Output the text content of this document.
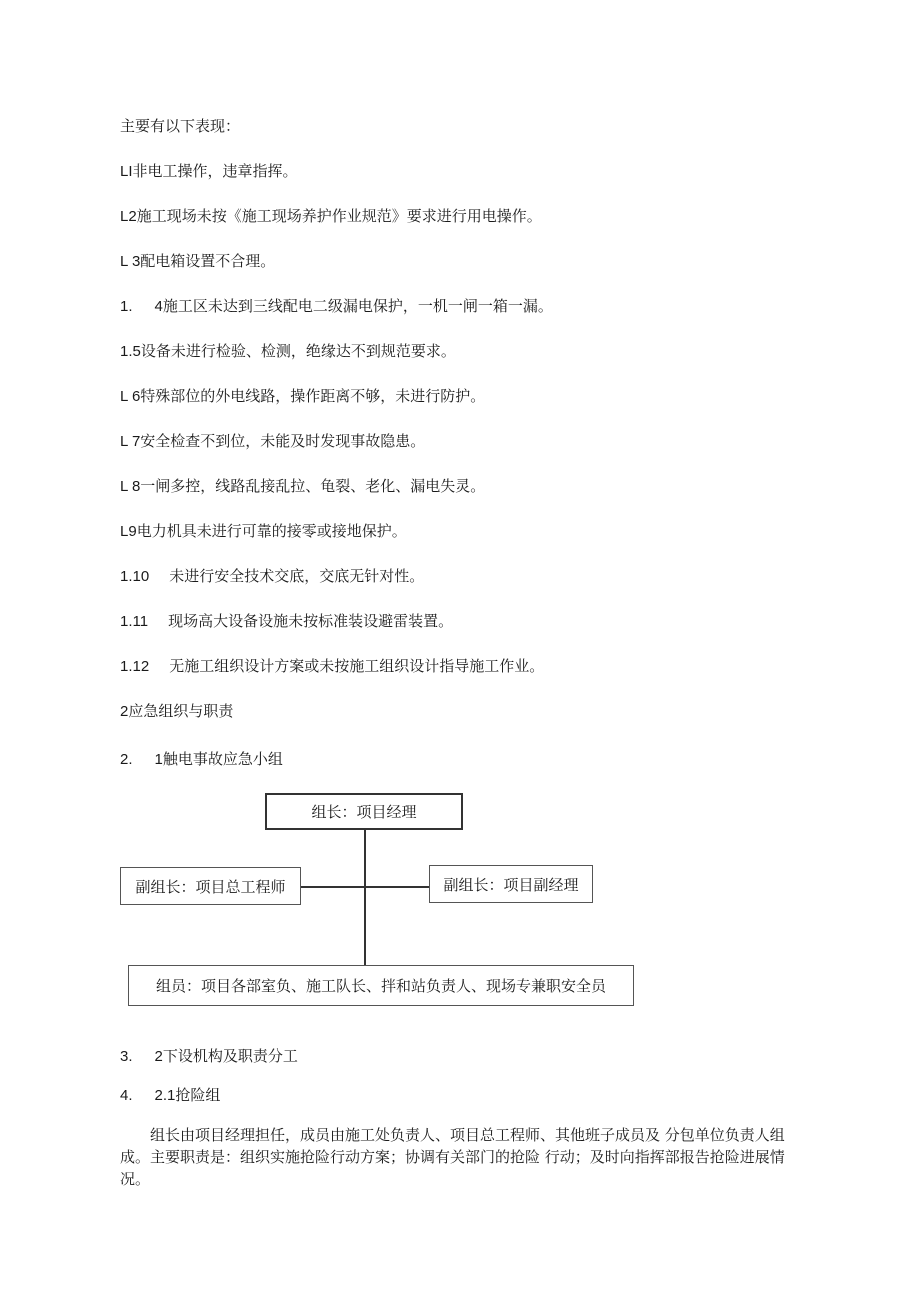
主要有以下表现：
LI非电工操作，违章指挥。
L2施工现场未按《施工现场养护作业规范》要求进行用电操作。
L 3配电箱设置不合理。
1. 4施工区未达到三线配电二级漏电保护，一机一闸一箱一漏。
1.5设备未进行检验、检测，绝缘达不到规范要求。
L 6特殊部位的外电线路，操作距离不够，未进行防护。
L 7安全检查不到位，未能及时发现事故隐患。
L 8一闸多控，线路乱接乱拉、龟裂、老化、漏电失灵。
L9电力机具未进行可靠的接零或接地保护。
1.10 未进行安全技术交底，交底无针对性。
1.11 现场高大设备设施未按标准装设避雷装置。
1.12 无施工组织设计方案或未按施工组织设计指导施工作业。
2应急组织与职责
2. 1触电事故应急小组
组长：项目经理
副组长：项目总工程师	副组长：项目副经理
组员：项目各部室负、施工队长、拌和站负责人、现场专兼职安全员
3. 2下设机构及职责分工
4. 2.1抢险组
组长由项目经理担任，成员由施工处负责人、项目总工程师、其他班子成员及 分包单位负责人组成。主要职责是：组织实施抢险行动方案；协调有关部门的抢险 行动；及时向指挥部报告抢险进展情况。
